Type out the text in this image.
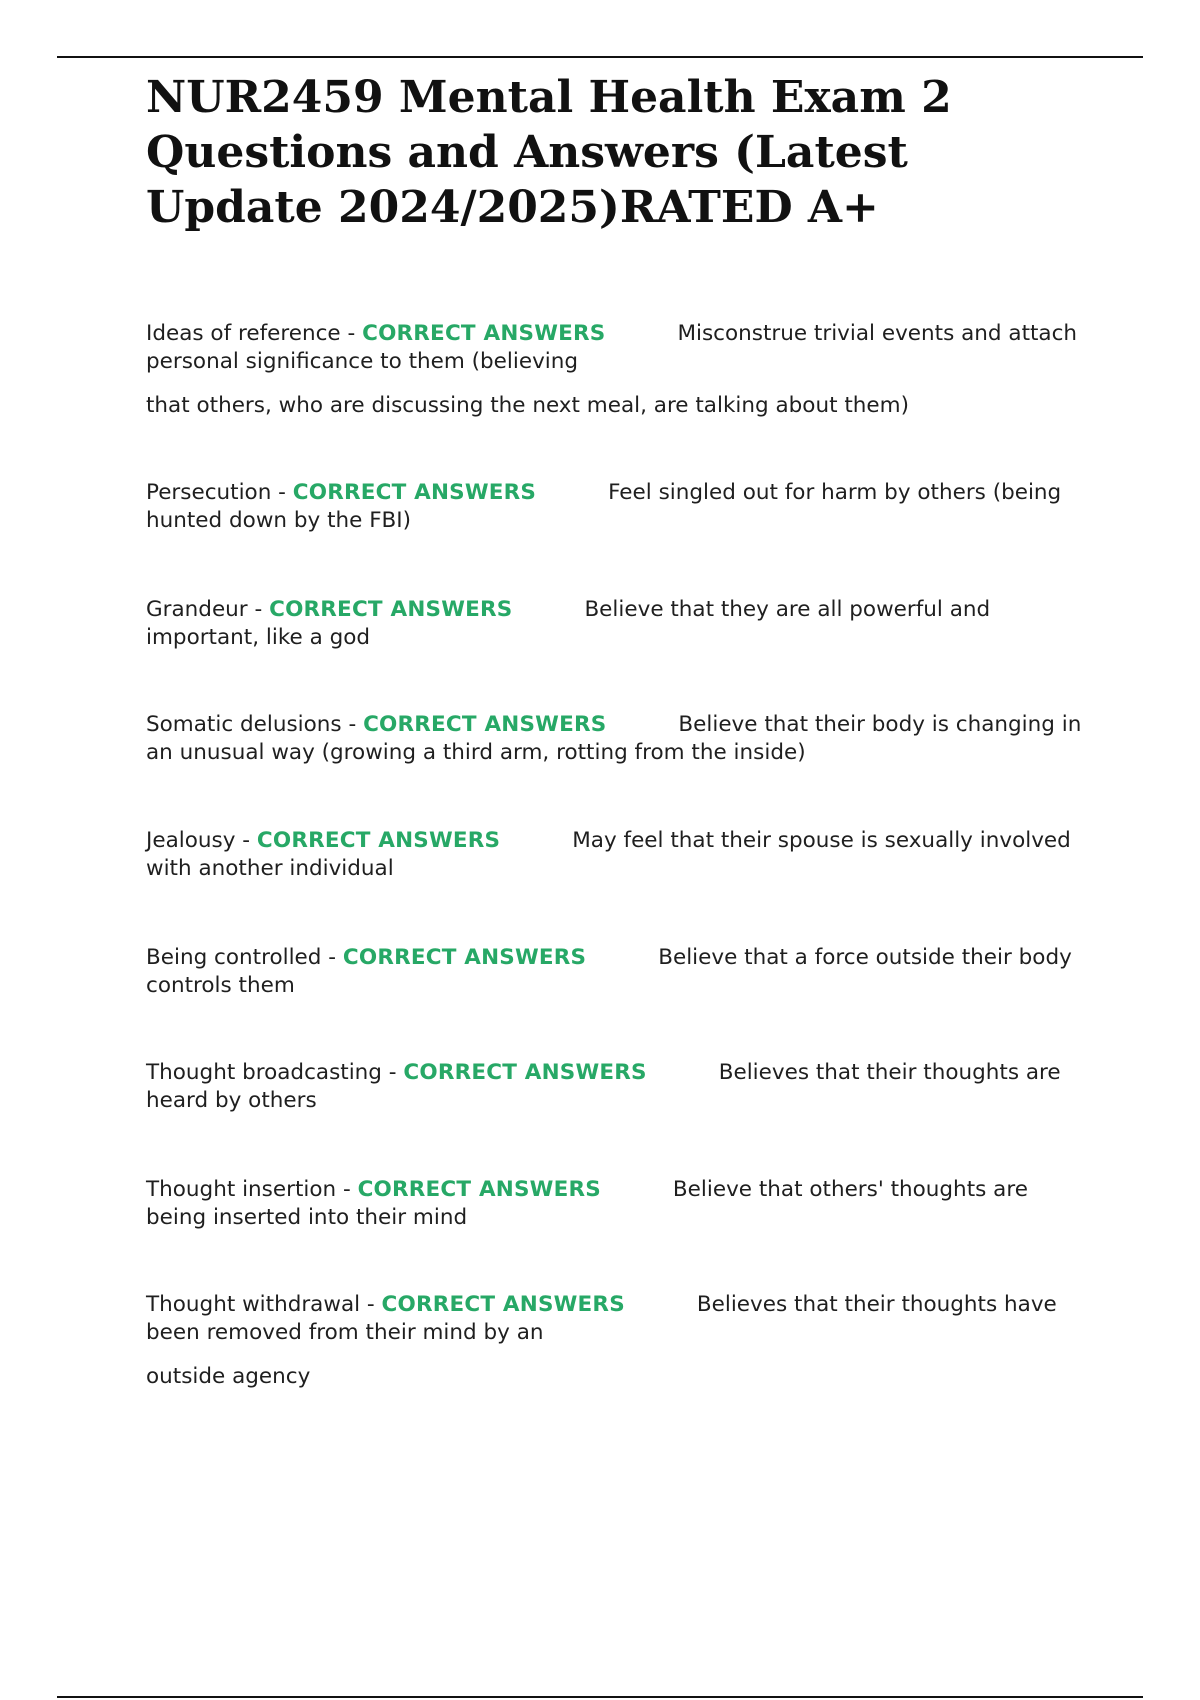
NUR2459 Mental Health Exam 2 Questions and Answers (Latest Update 2024/2025)RATED A+

Ideas of reference - CORRECT ANSWERS	Misconstrue trivial events and attach personal significance to them (believing

that others, who are discussing the next meal, are talking about them)

Persecution - CORRECT ANSWERS	Feel singled out for harm by others (being hunted down by the FBI)

Grandeur - CORRECT ANSWERS	Believe that they are all powerful and important, like a god

Somatic delusions - CORRECT ANSWERS	Believe that their body is changing in an unusual way (growing a third arm, rotting from the inside)

Jealousy - CORRECT ANSWERS	May feel that their spouse is sexually involved with another individual

Being controlled - CORRECT ANSWERS	Believe that a force outside their body controls them

Thought broadcasting - CORRECT ANSWERS	Believes that their thoughts are heard by others

Thought insertion - CORRECT ANSWERS	Believe that others' thoughts are being inserted into their mind

Thought withdrawal - CORRECT ANSWERS	Believes that their thoughts have been removed from their mind by an

outside agency
